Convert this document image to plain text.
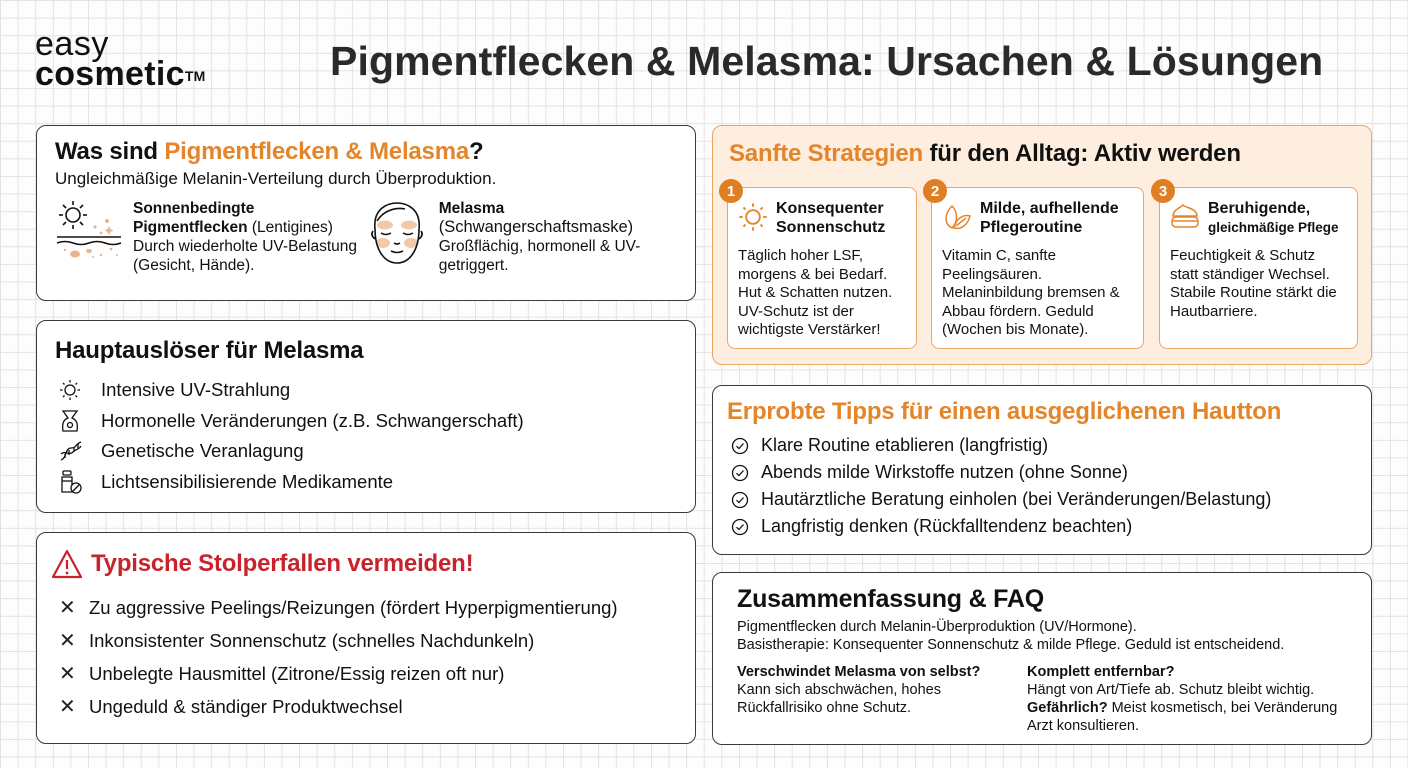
easy
cosmetic™	Pigmentflecken & Melasma: Ursachen & Lösungen
Was sind Pigmentflecken & Melasma?
Ungleichmäßige Melanin-Verteilung durch Überproduktion.
Sonnenbedingte Pigmentflecken (Lentigines)
Durch wiederholte UV-Belastung (Gesicht, Hände).
Melasma
(Schwangerschaftsmaske)
Großflächig, hormonell & UV-getriggert.
Hauptauslöser für Melasma
Intensive UV-Strahlung
Hormonelle Veränderungen (z.B. Schwangerschaft)
Genetische Veranlagung
Lichtsensibilisierende Medikamente
Typische Stolperfallen vermeiden!
✕ Zu aggressive Peelings/Reizungen (fördert Hyperpigmentierung)
✕ Inkonsistenter Sonnenschutz (schnelles Nachdunkeln)
✕ Unbelegte Hausmittel (Zitrone/Essig reizen oft nur)
✕ Ungeduld & ständiger Produktwechsel
Sanfte Strategien für den Alltag: Aktiv werden
1
Konsequenter Sonnenschutz
Täglich hoher LSF, morgens & bei Bedarf. Hut & Schatten nutzen. UV-Schutz ist der wichtigste Verstärker!
2
Milde, aufhellende Pflegeroutine
Vitamin C, sanfte Peelingsäuren. Melaninbildung bremsen & Abbau fördern. Geduld (Wochen bis Monate).
3
Beruhigende,
gleichmäßige Pflege
Feuchtigkeit & Schutz statt ständiger Wechsel. Stabile Routine stärkt die Hautbarriere.
Erprobte Tipps für einen ausgeglichenen Hautton
Klare Routine etablieren (langfristig)
Abends milde Wirkstoffe nutzen (ohne Sonne)
Hautärztliche Beratung einholen (bei Veränderungen/Belastung)
Langfristig denken (Rückfalltendenz beachten)
Zusammenfassung & FAQ
Pigmentflecken durch Melanin-Überproduktion (UV/Hormone).
Basistherapie: Konsequenter Sonnenschutz & milde Pflege. Geduld ist entscheidend.
Verschwindet Melasma von selbst?
Kann sich abschwächen, hohes Rückfallrisiko ohne Schutz.
Komplett entfernbar?
Hängt von Art/Tiefe ab. Schutz bleibt wichtig.
Gefährlich? Meist kosmetisch, bei Veränderung Arzt konsultieren.
